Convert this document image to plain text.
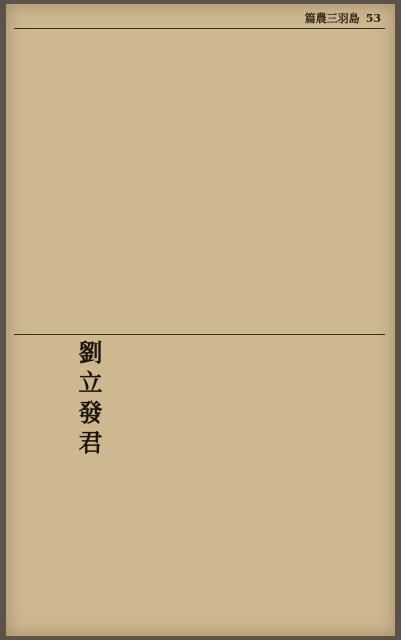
篇農三羽島 53
劉立發君
